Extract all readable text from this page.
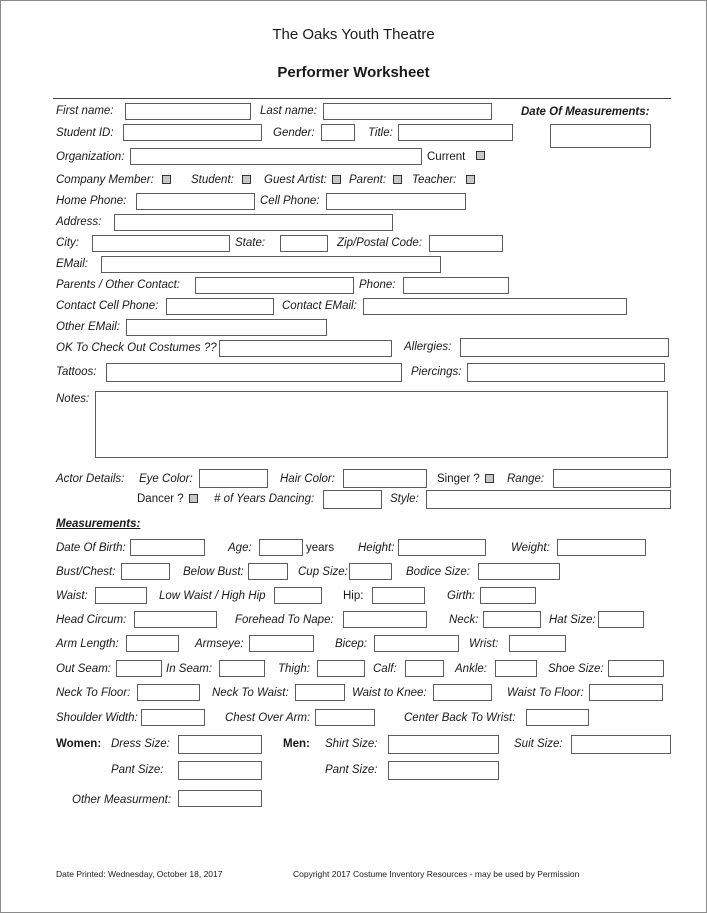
The Oaks Youth Theatre
Performer Worksheet
First name:	Last name:	Date Of Measurements:
Student ID:	Gender:	Title:
Organization:	Current
Company Member:	Student:	Guest Artist: Parent: Teacher:
Home Phone:	Cell Phone:
Address:
City:	State:	Zip/Postal Code:
EMail:
Parents / Other Contact:	Phone:
Contact Cell Phone:	Contact EMail:
Other EMail:
OK To Check Out Costumes ??	Allergies:
Tattoos:	Piercings:
Notes:
Actor Details: Eye Color:	Hair Color:	Singer ? Range:
Dancer ?	# of Years Dancing:	Style:
Measurements:
Date Of Birth:	Age:	years Height:	Weight:
Bust/Chest:	Below Bust:	Cup Size:	Bodice Size:
Waist:	Low Waist / High Hip	Hip:	Girth:
Head Circum:	Forehead To Nape:	Neck:	Hat Size:
Arm Length:	Armseye:	Bicep:	Wrist:
Out Seam:	In Seam:	Thigh:	Calf:	Ankle:	Shoe Size:
Neck To Floor:	Neck To Waist:	Waist to Knee:	Waist To Floor:
Shoulder Width:	Chest Over Arm:	Center Back To Wrist:
Women: Dress Size:	Men: Shirt Size:	Suit Size:
Pant Size:	Pant Size:
Other Measurment:
Date Printed: Wednesday, October 18, 2017	Copyright 2017 Costume Inventory Resources - may be used by Permission
